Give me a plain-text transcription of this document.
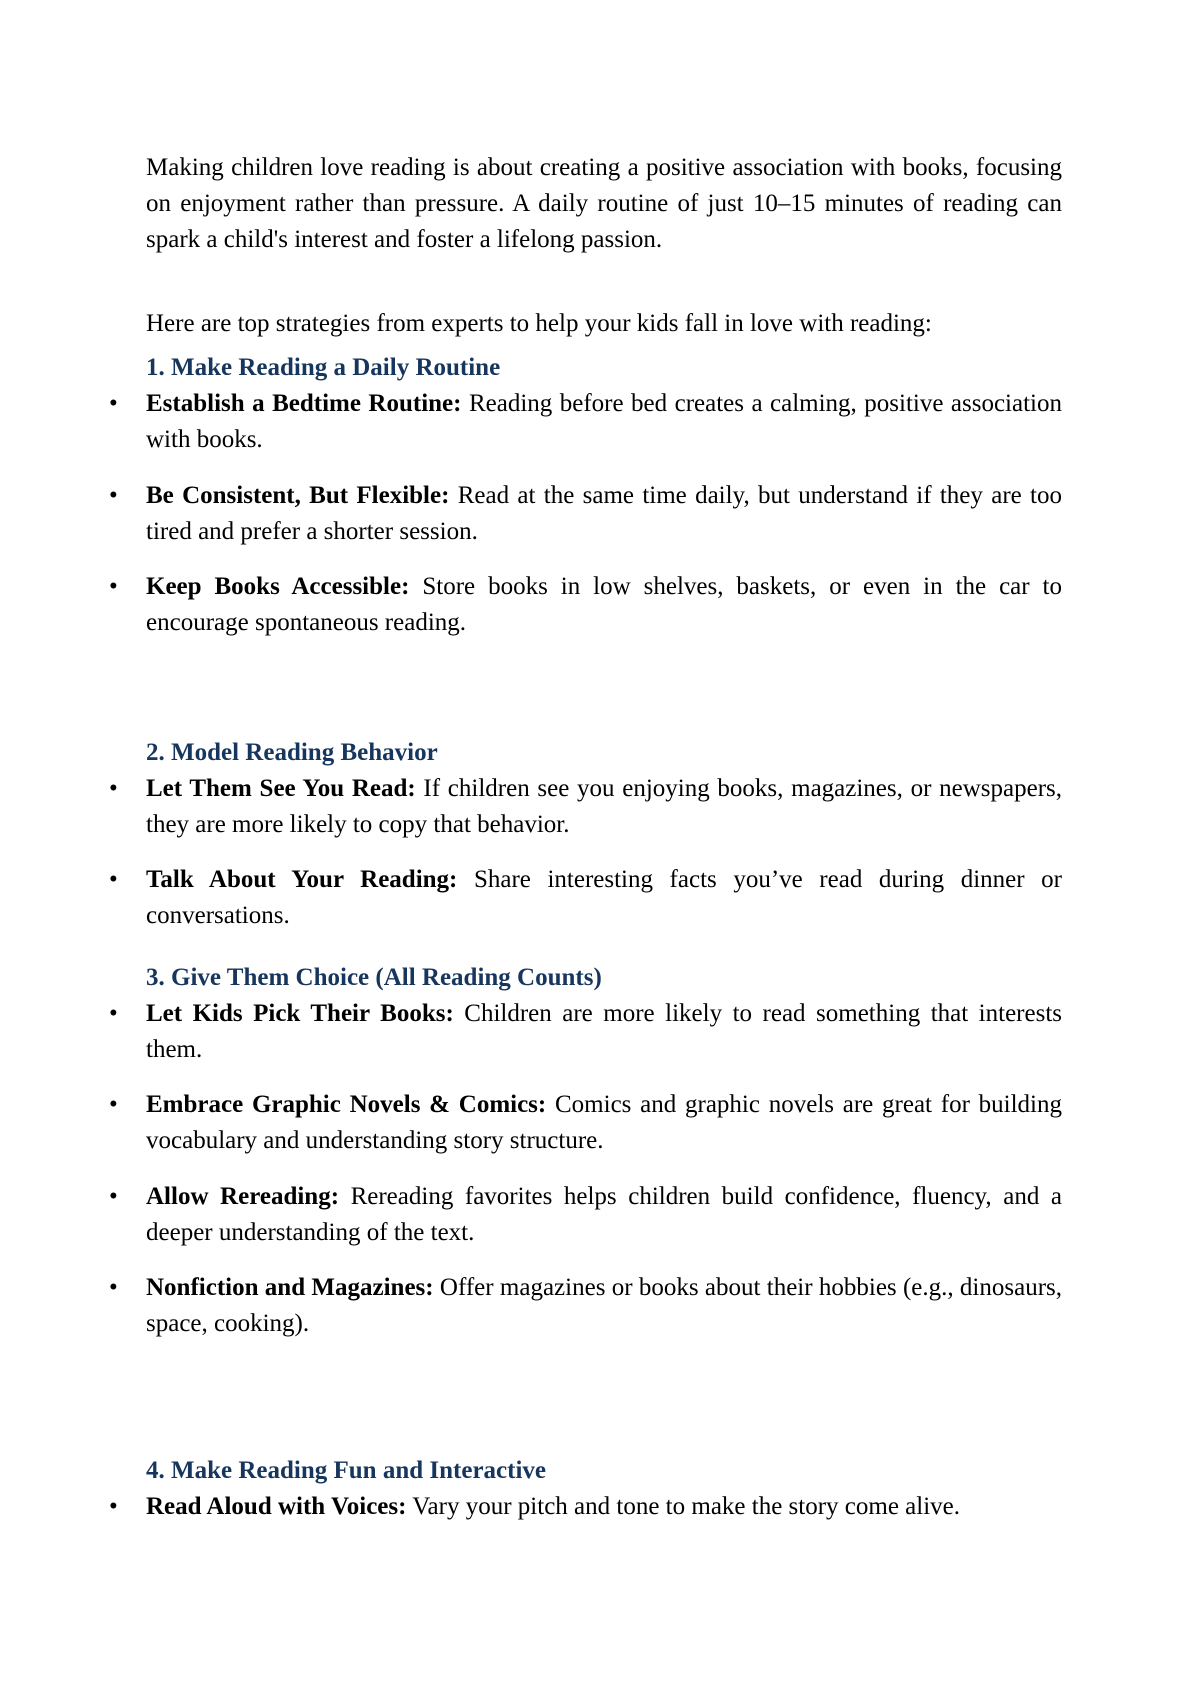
Making children love reading is about creating a positive association with books, focusing on enjoyment rather than pressure. A daily routine of just 10–15 minutes of reading can spark a child's interest and foster a lifelong passion.

Here are top strategies from experts to help your kids fall in love with reading:

1. Make Reading a Daily Routine
• Establish a Bedtime Routine: Reading before bed creates a calming, positive association with books.
• Be Consistent, But Flexible: Read at the same time daily, but understand if they are too tired and prefer a shorter session.
• Keep Books Accessible: Store books in low shelves, baskets, or even in the car to encourage spontaneous reading.
2. Model Reading Behavior
• Let Them See You Read: If children see you enjoying books, magazines, or newspapers, they are more likely to copy that behavior.
• Talk About Your Reading: Share interesting facts you’ve read during dinner or conversations.
3. Give Them Choice (All Reading Counts)
• Let Kids Pick Their Books: Children are more likely to read something that interests them.
• Embrace Graphic Novels & Comics: Comics and graphic novels are great for building vocabulary and understanding story structure.
• Allow Rereading: Rereading favorites helps children build confidence, fluency, and a deeper understanding of the text.
• Nonfiction and Magazines: Offer magazines or books about their hobbies (e.g., dinosaurs, space, cooking).
4. Make Reading Fun and Interactive
• Read Aloud with Voices: Vary your pitch and tone to make the story come alive.
